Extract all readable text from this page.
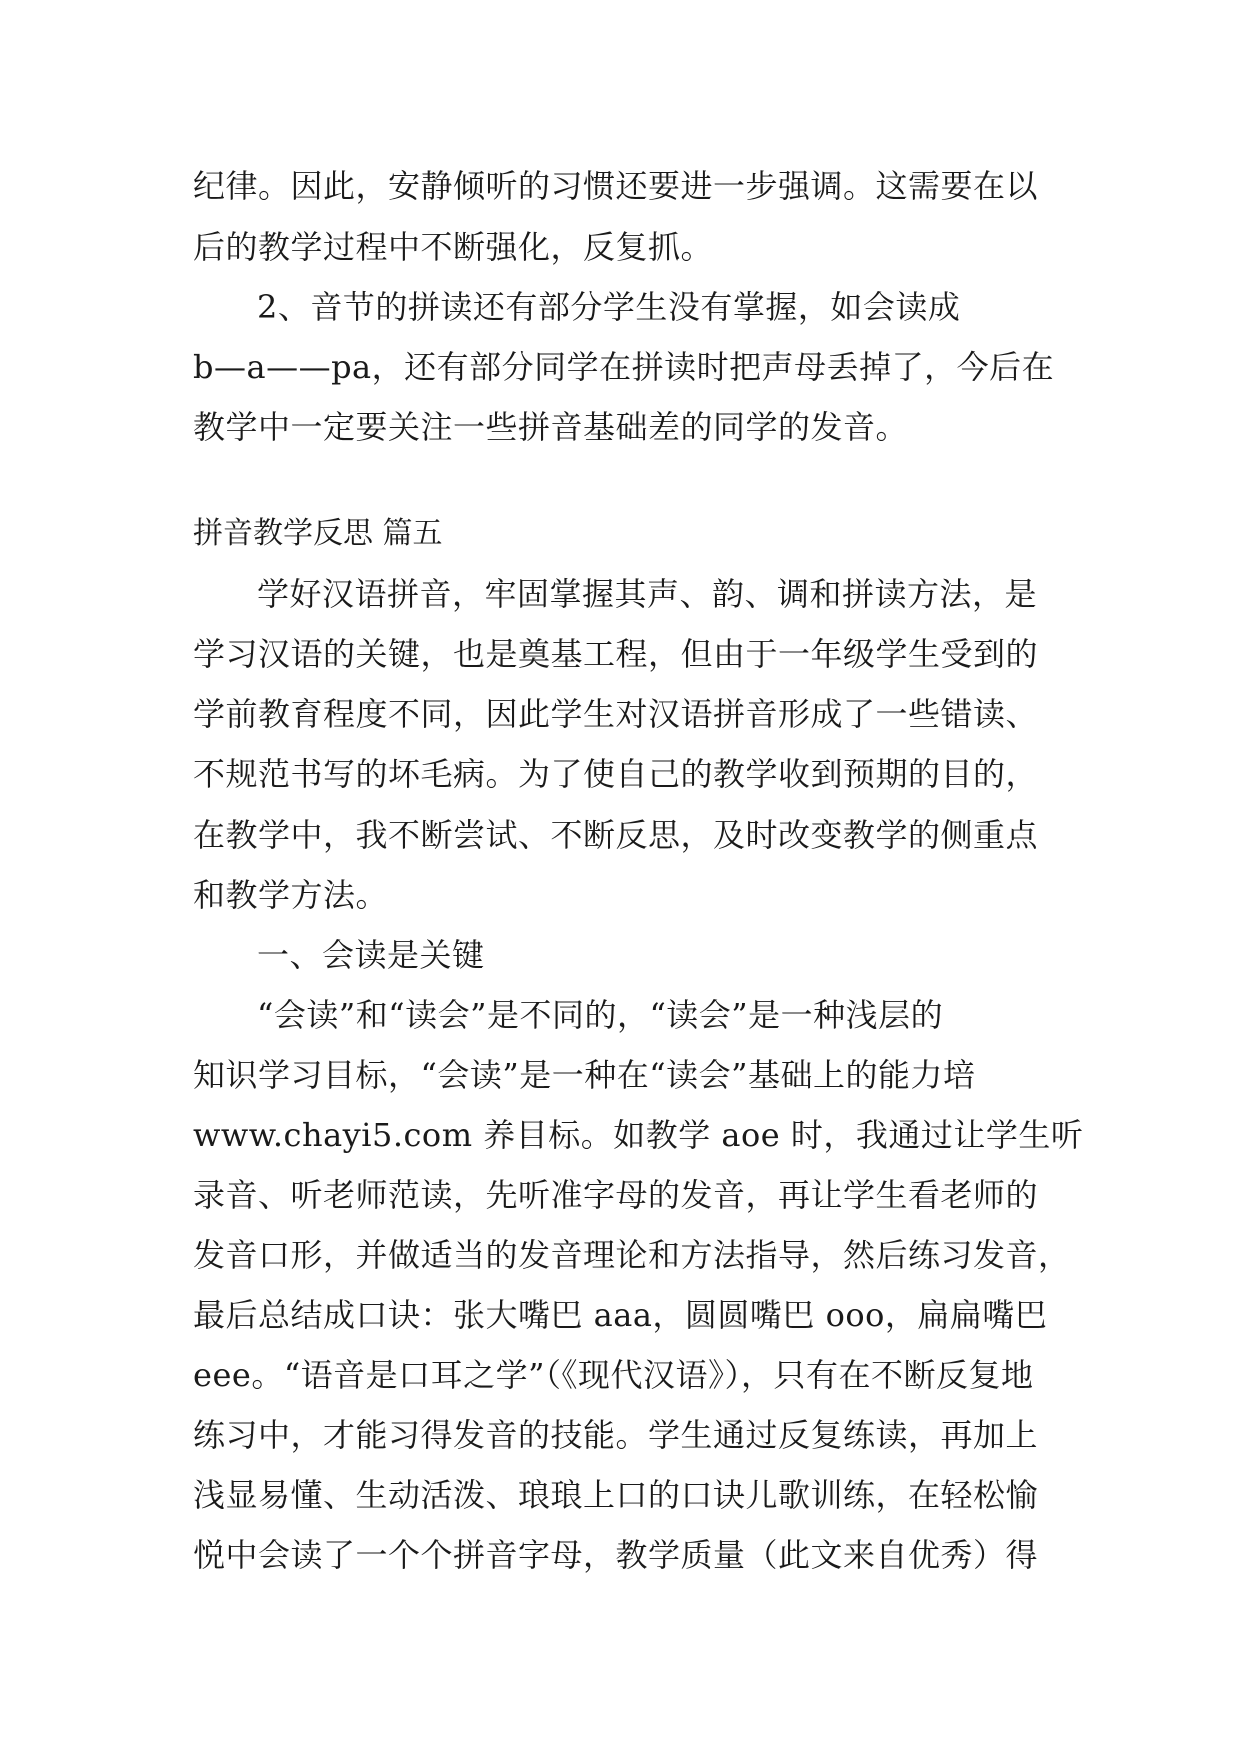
纪律。因此，安静倾听的习惯还要进一步强调。这需要在以
后的教学过程中不断强化，反复抓。
2、音节的拼读还有部分学生没有掌握，如会读成
b—a——pa，还有部分同学在拼读时把声母丢掉了，今后在
教学中一定要关注一些拼音基础差的同学的发音。
拼音教学反思 篇五
学好汉语拼音，牢固掌握其声、韵、调和拼读方法，是
学习汉语的关键，也是奠基工程，但由于一年级学生受到的
学前教育程度不同，因此学生对汉语拼音形成了一些错读、
不规范书写的坏毛病。为了使自己的教学收到预期的目的，
在教学中，我不断尝试、不断反思，及时改变教学的侧重点
和教学方法。
一、会读是关键
“会读”和“读会”是不同的，“读会”是一种浅层的
知识学习目标，“会读”是一种在“读会”基础上的能力培
www.chayi5.com 养目标。如教学 aoe 时，我通过让学生听
录音、听老师范读，先听准字母的发音，再让学生看老师的
发音口形，并做适当的发音理论和方法指导，然后练习发音，
最后总结成口诀：张大嘴巴 aaa，圆圆嘴巴 ooo，扁扁嘴巴
eee。“语音是口耳之学”（《现代汉语》），只有在不断反复地
练习中，才能习得发音的技能。学生通过反复练读，再加上
浅显易懂、生动活泼、琅琅上口的口诀儿歌训练，在轻松愉
悦中会读了一个个拼音字母，教学质量（此文来自优秀）得
